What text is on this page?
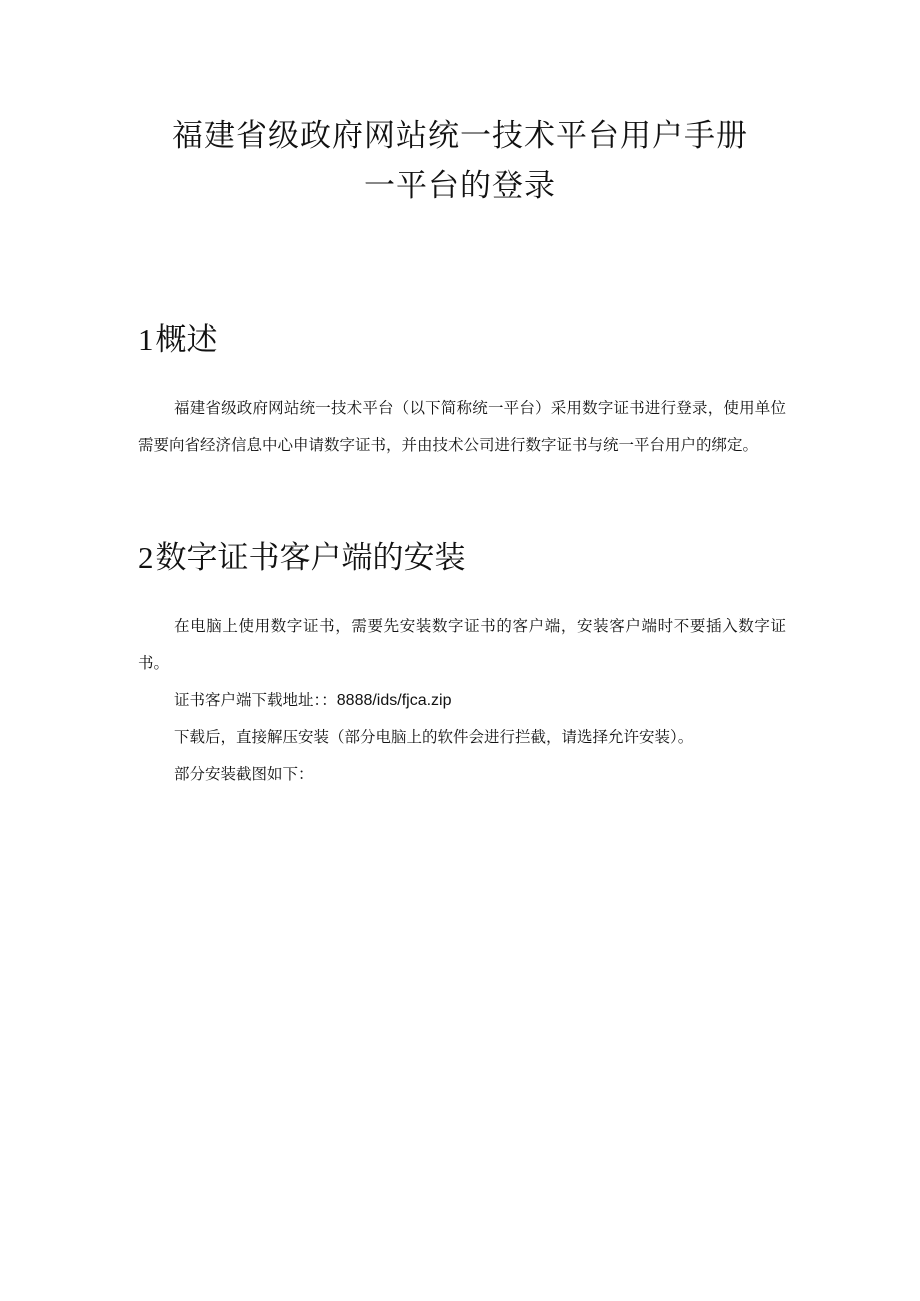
福建省级政府网站统一技术平台用户手册
一平台的登录
1概述
福建省级政府网站统一技术平台（以下简称统一平台）采用数字证书进行登录，使用单位需要向省经济信息中心申请数字证书，并由技术公司进行数字证书与统一平台用户的绑定。
2数字证书客户端的安装
在电脑上使用数字证书，需要先安装数字证书的客户端，安装客户端时不要插入数字证书。
证书客户端下载地址：：8888/ids/fjca.zip
下载后，直接解压安装（部分电脑上的软件会进行拦截，请选择允许安装）。
部分安装截图如下：
